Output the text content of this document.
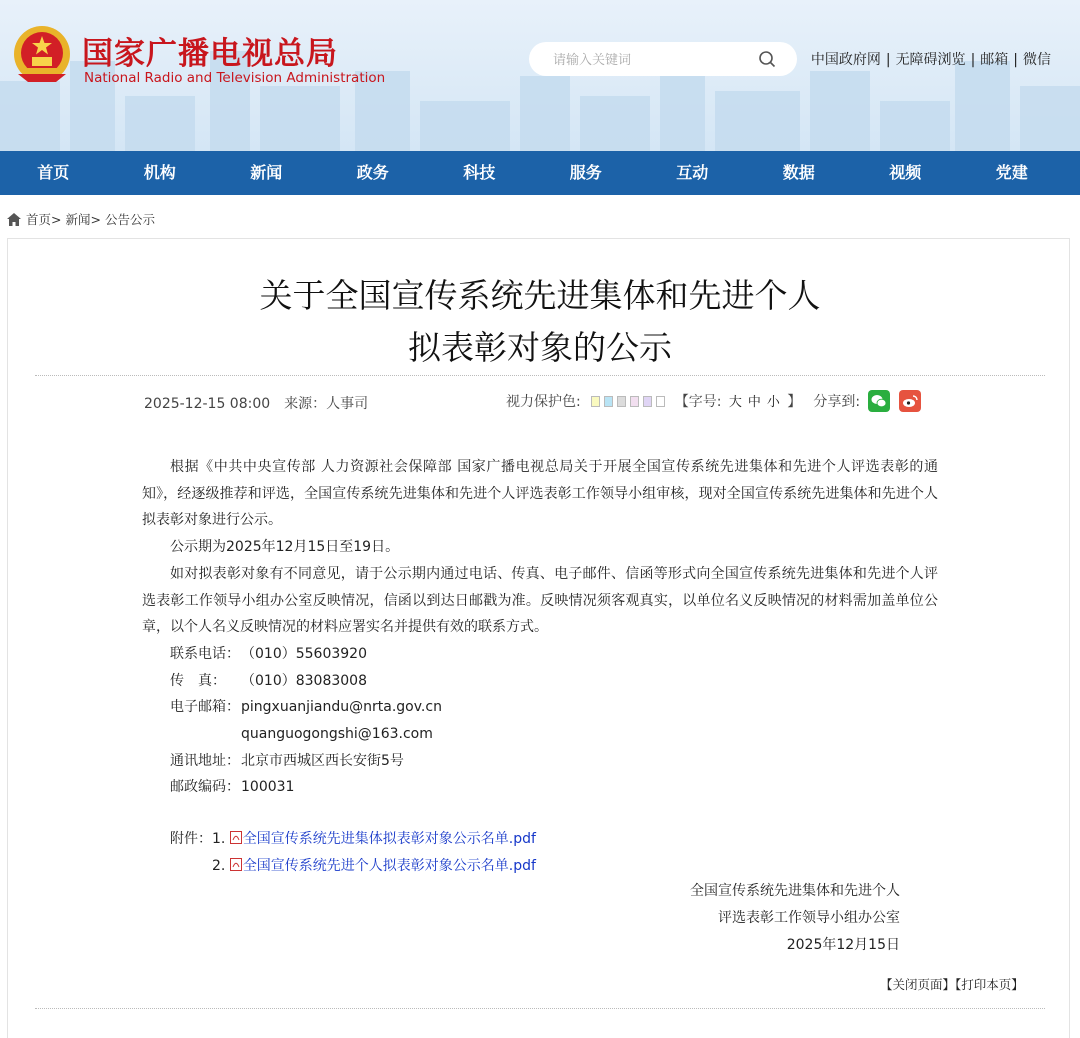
国家广播电视总局
National Radio and Television Administration
请输入关键词
中国政府网 | 无障碍浏览 | 邮箱 | 微信
首页	机构	新闻	政务	科技	服务	互动	数据	视频	党建
首页> 新闻> 公告公示
关于全国宣传系统先进集体和先进个人
拟表彰对象的公示
2025-12-15 08:00 来源：人事司	视力保护色:	【字号: 大 中 小 】 分享到:

根据《中共中央宣传部 人力资源社会保障部 国家广播电视总局关于开展全国宣传系统先进集体和先进个人评选表彰的通知》，经逐级推荐和评选，全国宣传系统先进集体和先进个人评选表彰工作领导小组审核，现对全国宣传系统先进集体和先进个人拟表彰对象进行公示。

公示期为2025年12月15日至19日。

如对拟表彰对象有不同意见，请于公示期内通过电话、传真、电子邮件、信函等形式向全国宣传系统先进集体和先进个人评选表彰工作领导小组办公室反映情况，信函以到达日邮戳为准。反映情况须客观真实，以单位名义反映情况的材料需加盖单位公章，以个人名义反映情况的材料应署实名并提供有效的联系方式。

联系电话：（010）55603920
传　真： （010）83083008
电子邮箱：pingxuanjiandu@nrta.gov.cn
quanguogongshi@163.com
通讯地址：北京市西城区西长安街5号
邮政编码：100031
附件：1. 全国宣传系统先进集体拟表彰对象公示名单.pdf
2. 全国宣传系统先进个人拟表彰对象公示名单.pdf
全国宣传系统先进集体和先进个人
评选表彰工作领导小组办公室
2025年12月15日
【关闭页面】【打印本页】
